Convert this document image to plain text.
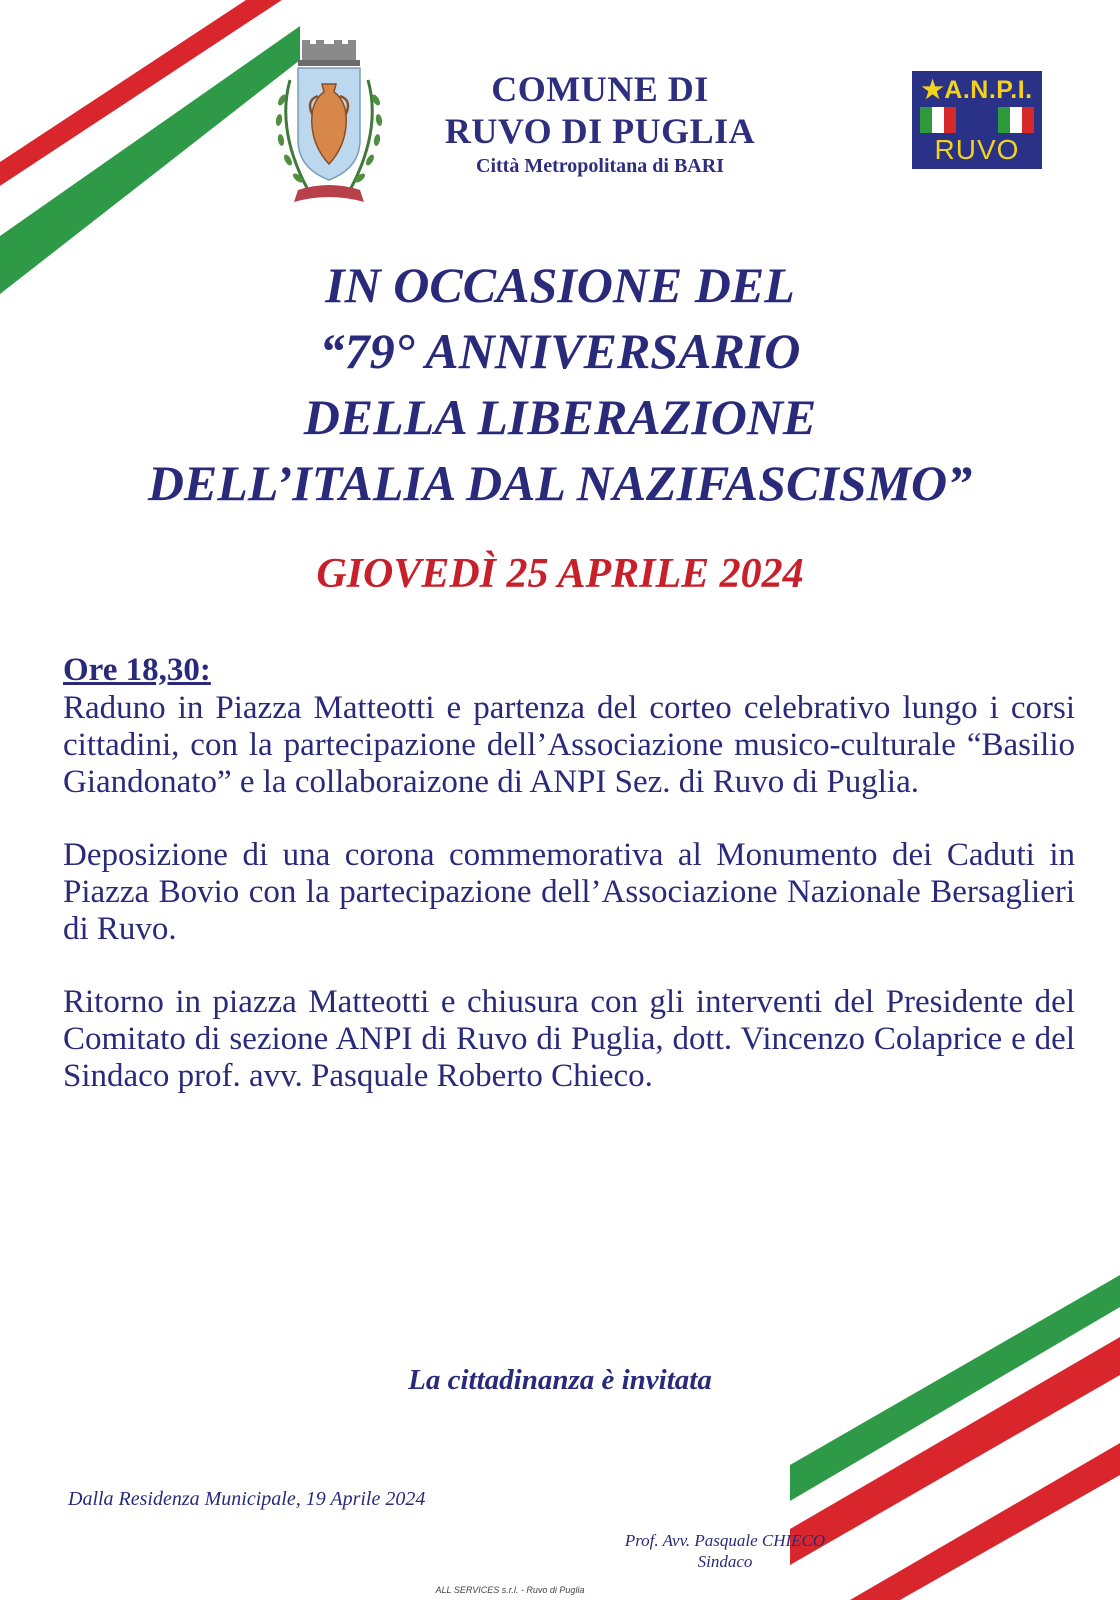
COMUNE DI
RUVO DI PUGLIA
Città Metropolitana di BARI
★A.N.P.I.
RUVO
IN OCCASIONE DEL
“79° ANNIVERSARIO
DELLA LIBERAZIONE
DELL’ITALIA DAL NAZIFASCISMO”
GIOVEDÌ 25 APRILE 2024

Ore 18,30:

Raduno in Piazza Matteotti e partenza del corteo celebrativo lungo i corsi cittadini, con la partecipazione dell’Associazione musico-culturale “Basilio Giandonato” e la collaboraizone di ANPI Sez. di Ruvo di Puglia.

Deposizione di una corona commemorativa al Monumento dei Caduti in Piazza Bovio con la partecipazione dell’Associazione Nazionale Bersaglieri di Ruvo.

Ritorno in piazza Matteotti e chiusura con gli interventi del Presidente del Comitato di sezione ANPI di Ruvo di Puglia, dott. Vincenzo Colaprice e del Sindaco prof. avv. Pasquale Roberto Chieco.

La cittadinanza è invitata
Dalla Residenza Municipale, 19 Aprile 2024
Prof. Avv. Pasquale CHIECO
Sindaco
ALL SERVICES s.r.l. - Ruvo di Puglia
